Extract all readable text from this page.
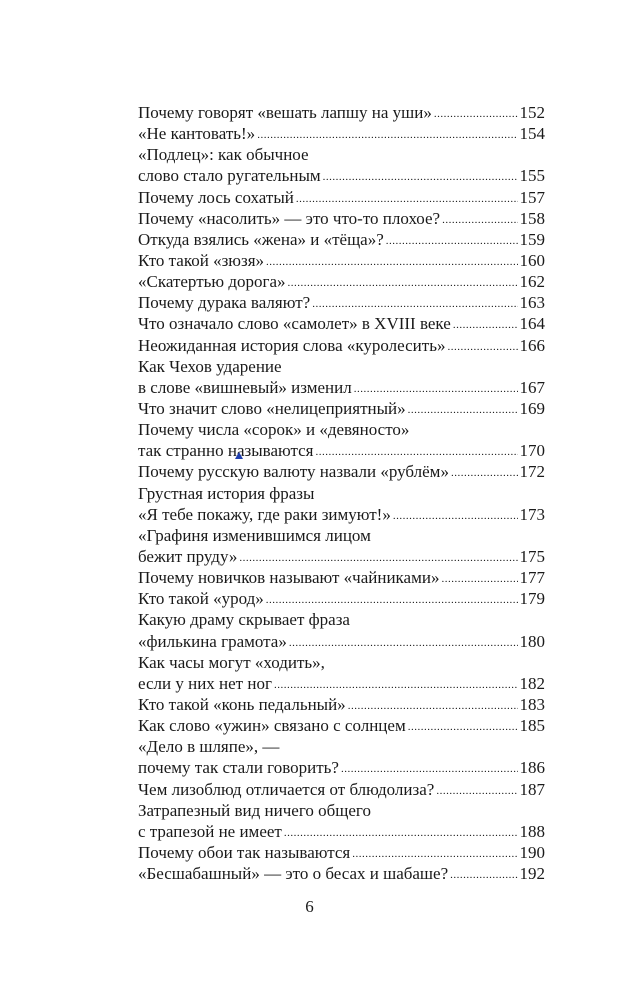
Почему говорят «вешать лапшу на уши» .....	152
«Не кантовать!» .....	154
«Подлец»: как обычное
слово стало ругательным .....	155
Почему лось сохатый .....	157
Почему «насолить» — это что-то плохое? .....	158
Откуда взялись «жена» и «тёща»? .....	159
Кто такой «зюзя» .....	160
«Скатертью дорога» .....	162
Почему дурака валяют? .....	163
Что означало слово «самолет» в XVIII веке .....	164
Неожиданная история слова «куролесить» .....	166
Как Чехов ударение
в слове «вишневый» изменил .....	167
Что значит слово «нелицеприятный» .....	169
Почему числа «сорок» и «девяносто»
так странно называются .....	170
Почему русскую валюту назвали «рублём» .....	172
Грустная история фразы
«Я тебе покажу, где раки зимуют!» .....	173
«Графиня изменившимся лицом
бежит пруду» .....	175
Почему новичков называют «чайниками» .....	177
Кто такой «урод» .....	179
Какую драму скрывает фраза
«филькина грамота» .....	180
Как часы могут «ходить»,
если у них нет ног .....	182
Кто такой «конь педальный» .....	183
Как слово «ужин» связано с солнцем .....	185
«Дело в шляпе», —
почему так стали говорить? .....	186
Чем лизоблюд отличается от блюдолиза? .....	187
Затрапезный вид ничего общего
с трапезой не имеет .....	188
Почему обои так называются .....	190
«Бесшабашный» — это о бесах и шабаше? .....	192
6
